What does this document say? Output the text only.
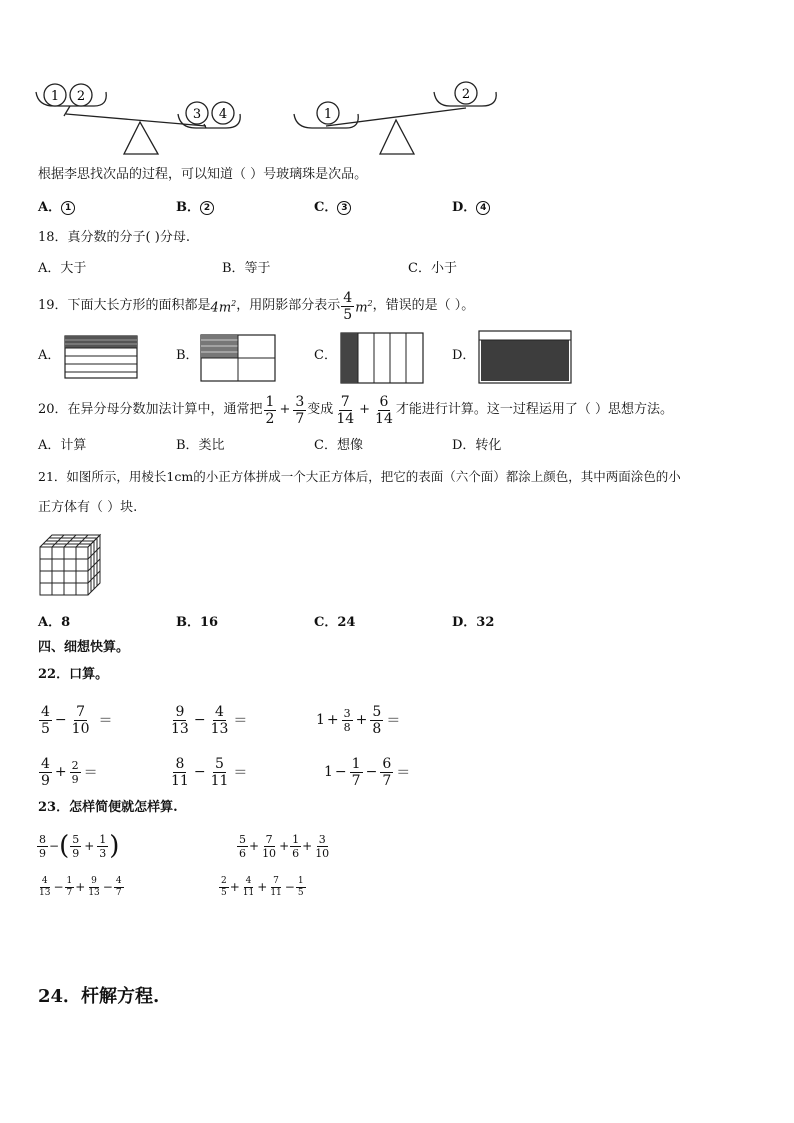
1 2
3 4	1
2
根据李思找次品的过程，可以知道（ ）号玻璃珠是次品。
A． 1	B． 2	C． 3	D． 4
18．真分数的分子( )分母.
A．大于	B．等于	C．小于
19．下面大长方形的面积都是 $4m^2$ ，用阴影部分表示 $\frac{4}{5} m^2$ ，错误的是（ ）。
A．	B．	C．	D．
20．在异分母分数加法计算中，通常把 $\frac{1}{2} + \frac{3}{7}$ 变成 $\frac{7}{14} + \frac{6}{14}$ 才能进行计算。这一过程运用了（ ）思想方法。
A．计算	B．类比	C．想像	D．转化
21．如图所示，用棱长1cm的小正方体拼成一个大正方体后，把它的表面（六个面）都涂上颜色，其中两面涂色的小
正方体有（ ）块.
A．8	B．16	C．24	D．32
四、细想快算。
22．口算。
$\frac{4}{5} - \frac{7}{10}$ ＝	$\frac{9}{13} - \frac{4}{13}$ ＝	$1 + \frac{3}{8} + \frac{5}{8}$ ＝
$\frac{4}{9} + \frac{2}{9}$ ＝	$\frac{8}{11} - \frac{5}{11}$ ＝	$1 - \frac{1}{7} - \frac{6}{7}$ ＝
23．怎样简便就怎样算.
$\frac{8}{9}$ − ( $\frac{5}{9} + \frac{1}{3}$ )	$\frac{5}{6} + \frac{7}{10} + \frac{1}{6} + \frac{3}{10}$
$\frac{4}{13} - \frac{1}{7} + \frac{9}{13} - \frac{4}{7}$	$\frac{2}{5} + \frac{4}{11} + \frac{7}{11} - \frac{1}{5}$
24．杆解方程.
